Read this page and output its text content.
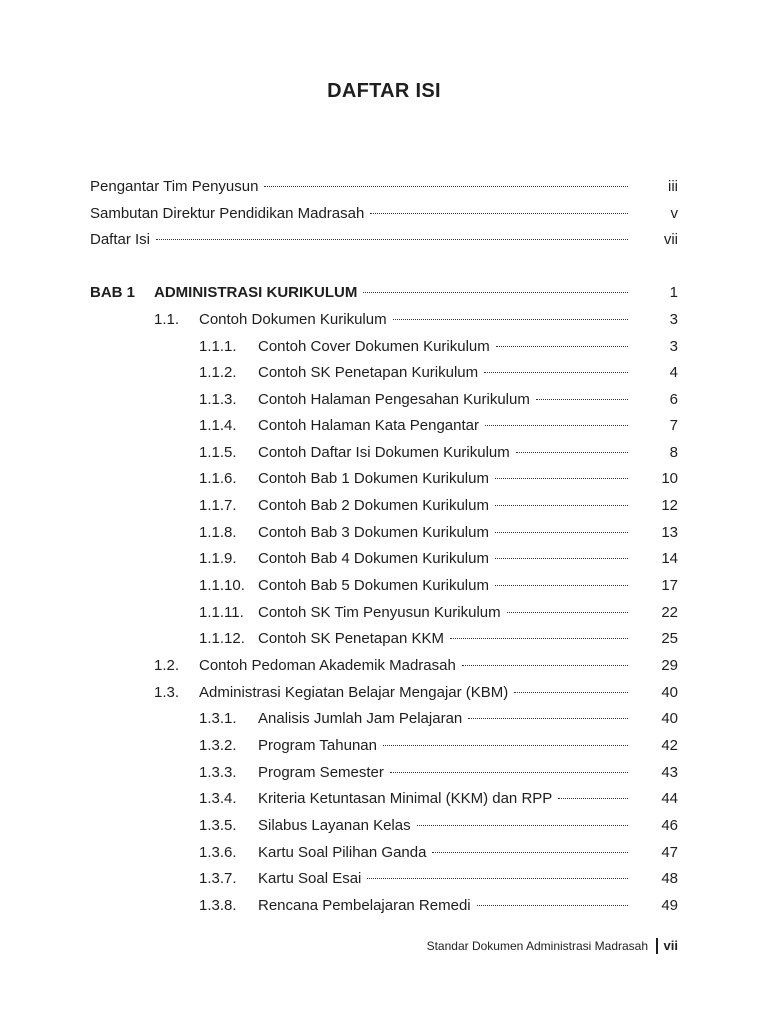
DAFTAR ISI
Pengantar Tim Penyusun	iii
Sambutan Direktur Pendidikan Madrasah	v
Daftar Isi	vii
BAB 1 ADMINISTRASI KURIKULUM	1
1.1. Contoh Dokumen Kurikulum	3
1.1.1. Contoh Cover Dokumen Kurikulum	3
1.1.2. Contoh SK Penetapan Kurikulum	4
1.1.3. Contoh Halaman Pengesahan Kurikulum	6
1.1.4. Contoh Halaman Kata Pengantar	7
1.1.5. Contoh Daftar Isi Dokumen Kurikulum	8
1.1.6. Contoh Bab 1 Dokumen Kurikulum	10
1.1.7. Contoh Bab 2 Dokumen Kurikulum	12
1.1.8. Contoh Bab 3 Dokumen Kurikulum	13
1.1.9. Contoh Bab 4 Dokumen Kurikulum	14
1.1.10. Contoh Bab 5 Dokumen Kurikulum	17
1.1.11. Contoh SK Tim Penyusun Kurikulum	22
1.1.12. Contoh SK Penetapan KKM	25
1.2. Contoh Pedoman Akademik Madrasah	29
1.3. Administrasi Kegiatan Belajar Mengajar (KBM)	40
1.3.1. Analisis Jumlah Jam Pelajaran	40
1.3.2. Program Tahunan	42
1.3.3. Program Semester	43
1.3.4. Kriteria Ketuntasan Minimal (KKM) dan RPP	44
1.3.5. Silabus Layanan Kelas	46
1.3.6. Kartu Soal Pilihan Ganda	47
1.3.7. Kartu Soal Esai	48
1.3.8. Rencana Pembelajaran Remedi	49
Standar Dokumen Administrasi Madrasah vii
